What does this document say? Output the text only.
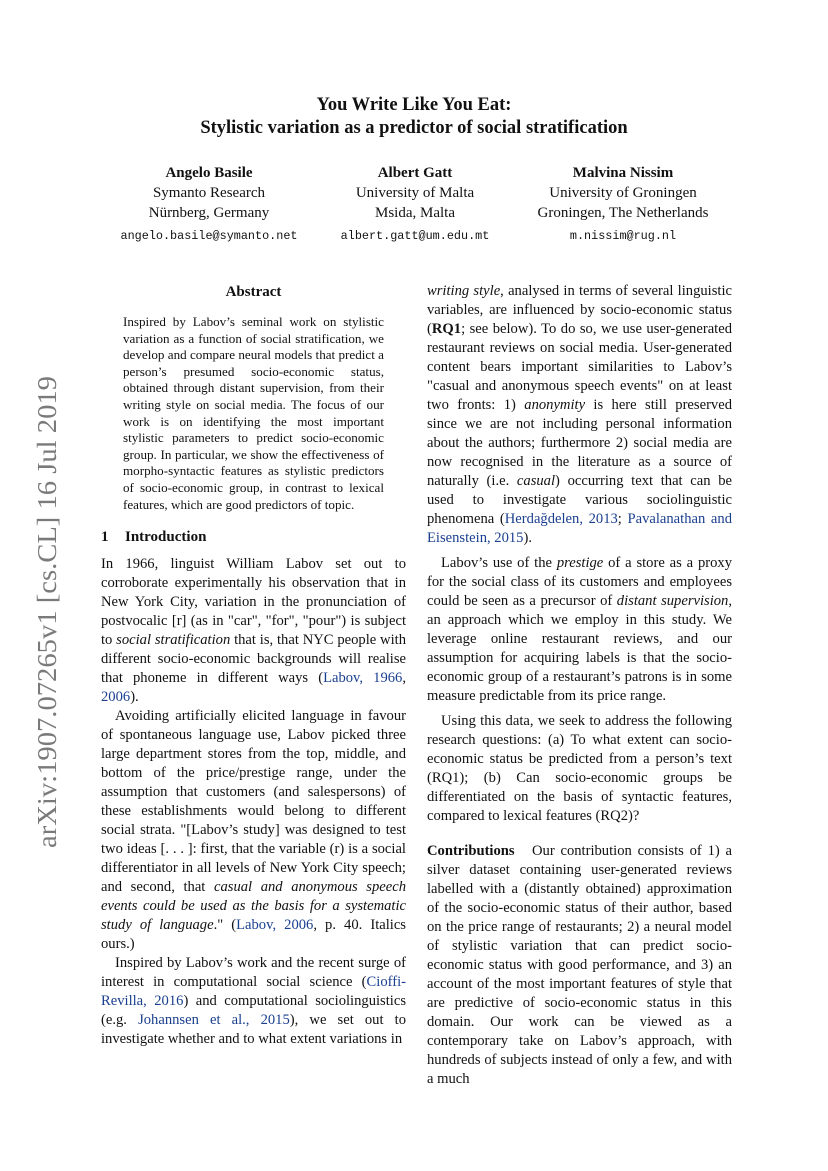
arXiv:1907.07265v1 [cs.CL] 16 Jul 2019
You Write Like You Eat:
Stylistic variation as a predictor of social stratification
Angelo Basile
Symanto Research
Nürnberg, Germany
angelo.basile@symanto.net
Albert Gatt
University of Malta
Msida, Malta
albert.gatt@um.edu.mt
Malvina Nissim
University of Groningen
Groningen, The Netherlands
m.nissim@rug.nl
Abstract
Inspired by Labov’s seminal work on stylistic variation as a function of social stratification, we develop and compare neural models that predict a person’s presumed socio-economic status, obtained through distant supervision, from their writing style on social media. The focus of our work is on identifying the most important stylistic parameters to predict socio-economic group. In particular, we show the effectiveness of morpho-syntactic features as stylistic predictors of socio-economic group, in contrast to lexical features, which are good predictors of topic.
1 Introduction

In 1966, linguist William Labov set out to corroborate experimentally his observation that in New York City, variation in the pronunciation of postvocalic [r] (as in "car", "for", "pour") is subject to social stratification that is, that NYC people with different socio-economic backgrounds will realise that phoneme in different ways (Labov, 1966, 2006).

Avoiding artificially elicited language in favour of spontaneous language use, Labov picked three large department stores from the top, middle, and bottom of the price/prestige range, under the assumption that customers (and salespersons) of these establishments would belong to different social strata. "[Labov’s study] was designed to test two ideas [. . . ]: first, that the variable (r) is a social differentiator in all levels of New York City speech; and second, that casual and anonymous speech events could be used as the basis for a systematic study of language." (Labov, 2006, p. 40. Italics ours.)

Inspired by Labov’s work and the recent surge of interest in computational social science (Cioffi-Revilla, 2016) and computational sociolinguistics (e.g. Johannsen et al., 2015), we set out to investigate whether and to what extent variations in

writing style, analysed in terms of several linguistic variables, are influenced by socio-economic status (RQ1; see below). To do so, we use user-generated restaurant reviews on social media. User-generated content bears important similarities to Labov’s "casual and anonymous speech events" on at least two fronts: 1) anonymity is here still preserved since we are not including personal information about the authors; furthermore 2) social media are now recognised in the literature as a source of naturally (i.e. casual) occurring text that can be used to investigate various sociolinguistic phenomena (Herdağdelen, 2013; Pavalanathan and Eisenstein, 2015).

Labov’s use of the prestige of a store as a proxy for the social class of its customers and employees could be seen as a precursor of distant supervision, an approach which we employ in this study. We leverage online restaurant reviews, and our assumption for acquiring labels is that the socio-economic group of a restaurant’s patrons is in some measure predictable from its price range.

Using this data, we seek to address the following research questions: (a) To what extent can socio-economic status be predicted from a person’s text (RQ1); (b) Can socio-economic groups be differentiated on the basis of syntactic features, compared to lexical features (RQ2)?

Contributions Our contribution consists of 1) a silver dataset containing user-generated reviews labelled with a (distantly obtained) approximation of the socio-economic status of their author, based on the price range of restaurants; 2) a neural model of stylistic variation that can predict socio-economic status with good performance, and 3) an account of the most important features of style that are predictive of socio-economic status in this domain. Our work can be viewed as a contemporary take on Labov’s approach, with hundreds of subjects instead of only a few, and with a much
